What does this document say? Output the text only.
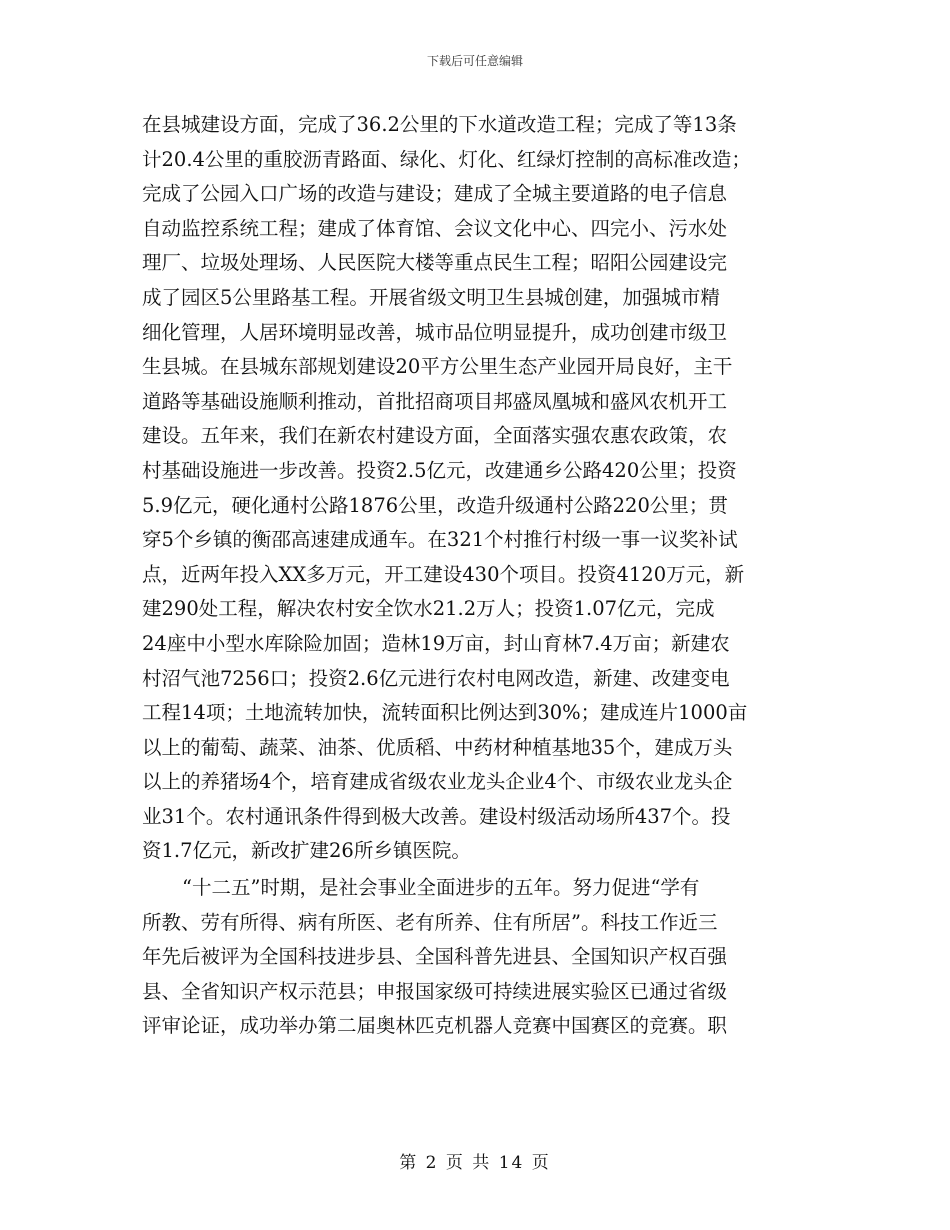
下载后可任意编辑

在县城建设方面，完成了36.2公里的下水道改造工程；完成了等13条
计20.4公里的重胶沥青路面、绿化、灯化、红绿灯控制的高标准改造；
完成了公园入口广场的改造与建设；建成了全城主要道路的电子信息
自动监控系统工程；建成了体育馆、会议文化中心、四完小、污水处
理厂、垃圾处理场、人民医院大楼等重点民生工程；昭阳公园建设完
成了园区5公里路基工程。开展省级文明卫生县城创建，加强城市精
细化管理，人居环境明显改善，城市品位明显提升，成功创建市级卫
生县城。在县城东部规划建设20平方公里生态产业园开局良好，主干
道路等基础设施顺利推动，首批招商项目邦盛凤凰城和盛风农机开工
建设。五年来，我们在新农村建设方面，全面落实强农惠农政策，农
村基础设施进一步改善。投资2.5亿元，改建通乡公路420公里；投资
5.9亿元，硬化通村公路1876公里，改造升级通村公路220公里；贯
穿5个乡镇的衡邵高速建成通车。在321个村推行村级一事一议奖补试
点，近两年投入XX多万元，开工建设430个项目。投资4120万元，新
建290处工程，解决农村安全饮水21.2万人；投资1.07亿元，完成
24座中小型水库除险加固；造林19万亩，封山育林7.4万亩；新建农
村沼气池7256口；投资2.6亿元进行农村电网改造，新建、改建变电
工程14项；土地流转加快，流转面积比例达到30%；建成连片1000亩
以上的葡萄、蔬菜、油茶、优质稻、中药材种植基地35个，建成万头
以上的养猪场4个，培育建成省级农业龙头企业4个、市级农业龙头企
业31个。农村通讯条件得到极大改善。建设村级活动场所437个。投
资1.7亿元，新改扩建26所乡镇医院。

“十二五”时期，是社会事业全面进步的五年。努力促进“学有
所教、劳有所得、病有所医、老有所养、住有所居”。科技工作近三
年先后被评为全国科技进步县、全国科普先进县、全国知识产权百强
县、全省知识产权示范县；申报国家级可持续进展实验区已通过省级
评审论证，成功举办第二届奥林匹克机器人竞赛中国赛区的竞赛。职

第 2 页 共 14 页
